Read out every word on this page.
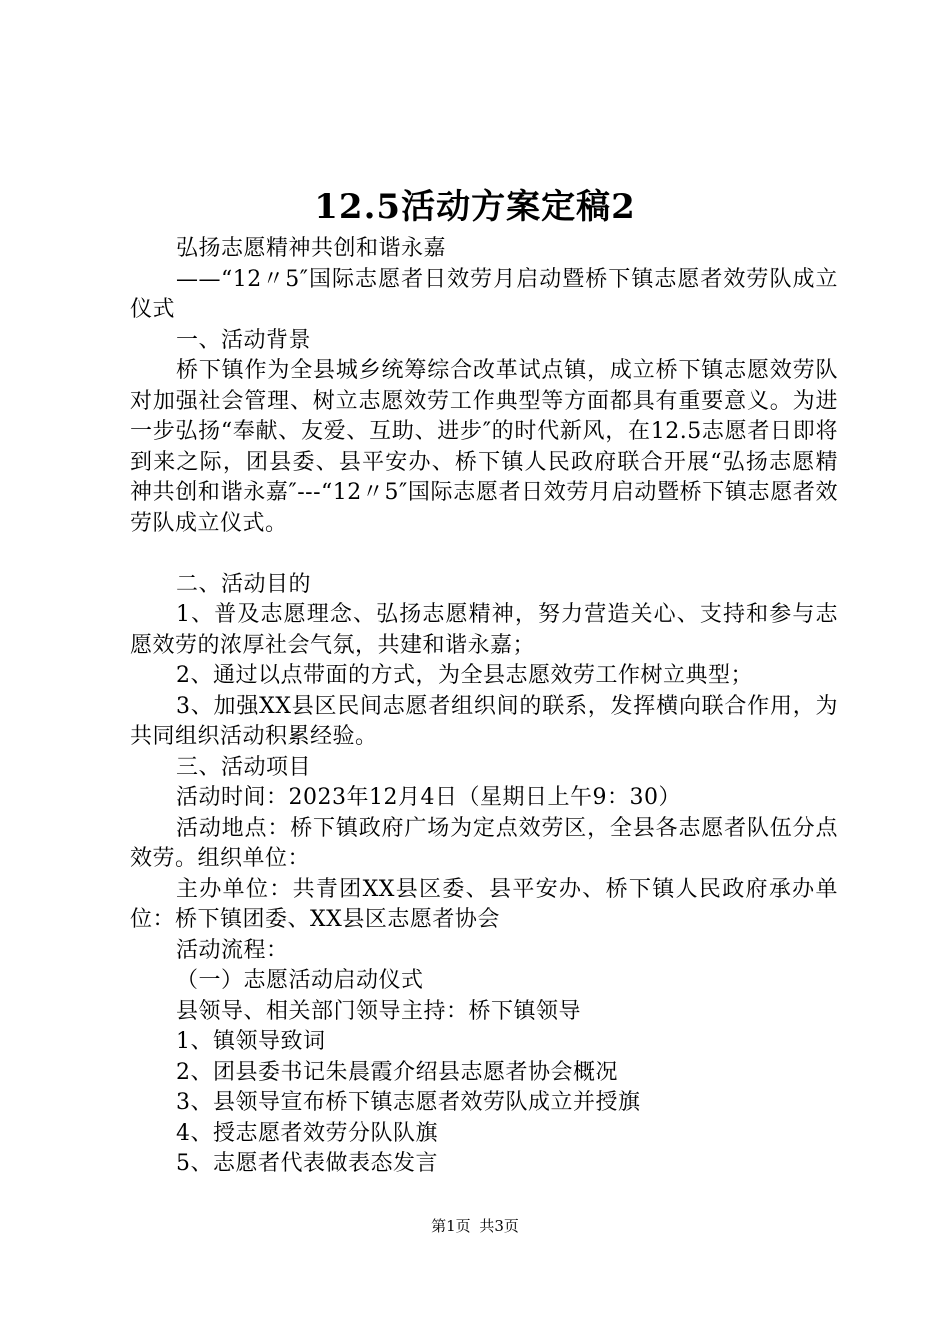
12.5活动方案定稿2

弘扬志愿精神共创和谐永嘉

——“12〃5″国际志愿者日效劳月启动暨桥下镇志愿者效劳队成立仪式

一、活动背景

桥下镇作为全县城乡统筹综合改革试点镇，成立桥下镇志愿效劳队对加强社会管理、树立志愿效劳工作典型等方面都具有重要意义。为进一步弘扬“奉献、友爱、互助、进步″的时代新风，在12.5志愿者日即将到来之际，团县委、县平安办、桥下镇人民政府联合开展“弘扬志愿精神共创和谐永嘉″---“12〃5″国际志愿者日效劳月启动暨桥下镇志愿者效劳队成立仪式。

二、活动目的

1、普及志愿理念、弘扬志愿精神，努力营造关心、支持和参与志愿效劳的浓厚社会气氛，共建和谐永嘉；

2、通过以点带面的方式，为全县志愿效劳工作树立典型；

3、加强XX县区民间志愿者组织间的联系，发挥横向联合作用，为共同组织活动积累经验。

三、活动项目

活动时间：2023年12月4日（星期日上午9：30）

活动地点：桥下镇政府广场为定点效劳区，全县各志愿者队伍分点效劳。组织单位：

主办单位：共青团XX县区委、县平安办、桥下镇人民政府承办单位：桥下镇团委、XX县区志愿者协会

活动流程：

（一）志愿活动启动仪式

县领导、相关部门领导主持：桥下镇领导

1、镇领导致词

2、团县委书记朱晨霞介绍县志愿者协会概况

3、县领导宣布桥下镇志愿者效劳队成立并授旗

4、授志愿者效劳分队队旗

5、志愿者代表做表态发言

第1页 共3页
